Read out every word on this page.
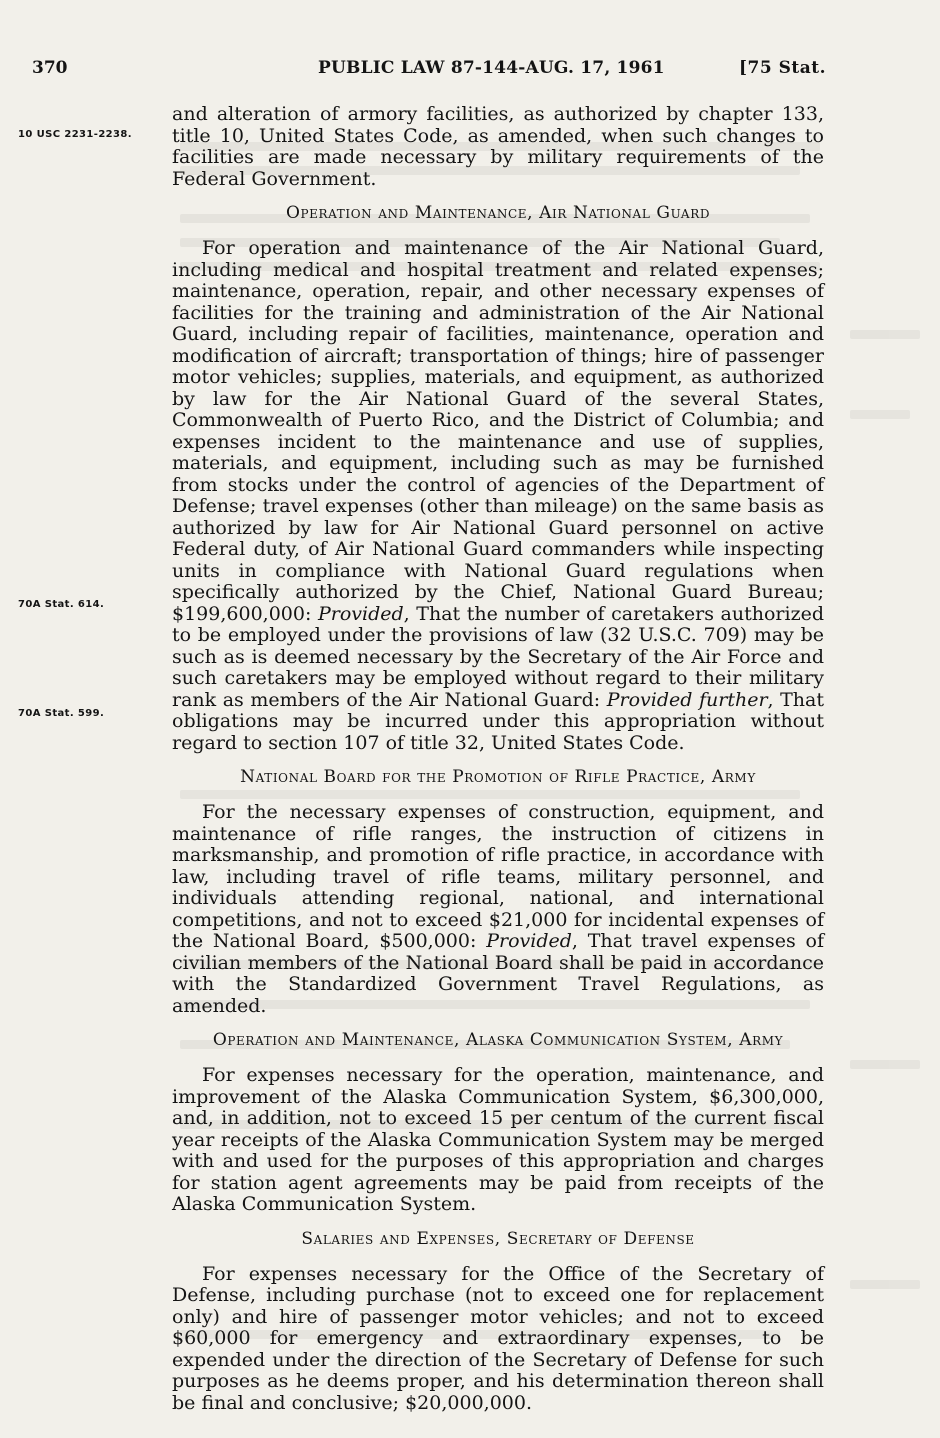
370	PUBLIC LAW 87-144-AUG. 17, 1961	[75 Stat.
10 USC 2231-2238.
70A Stat. 614.
70A Stat. 599.

and alteration of armory facilities, as authorized by chapter 133, title 10, United States Code, as amended, when such changes to facilities are made necessary by military requirements of the Federal Government.

Operation and Maintenance, Air National Guard

For operation and maintenance of the Air National Guard, including medical and hospital treatment and related expenses; maintenance, operation, repair, and other necessary expenses of facilities for the training and administration of the Air National Guard, including repair of facilities, maintenance, operation and modification of aircraft; transportation of things; hire of passenger motor vehicles; supplies, materials, and equipment, as authorized by law for the Air National Guard of the several States, Commonwealth of Puerto Rico, and the District of Columbia; and expenses incident to the maintenance and use of supplies, materials, and equipment, including such as may be furnished from stocks under the control of agencies of the Department of Defense; travel expenses (other than mileage) on the same basis as authorized by law for Air National Guard personnel on active Federal duty, of Air National Guard commanders while inspecting units in compliance with National Guard regulations when specifically authorized by the Chief, National Guard Bureau; $199,600,000: Provided, That the number of caretakers authorized to be employed under the provisions of law (32 U.S.C. 709) may be such as is deemed necessary by the Secretary of the Air Force and such caretakers may be employed without regard to their military rank as members of the Air National Guard: Provided further, That obligations may be incurred under this appropriation without regard to section 107 of title 32, United States Code.

National Board for the Promotion of Rifle Practice, Army

For the necessary expenses of construction, equipment, and maintenance of rifle ranges, the instruction of citizens in marksmanship, and promotion of rifle practice, in accordance with law, including travel of rifle teams, military personnel, and individuals attending regional, national, and international competitions, and not to exceed $21,000 for incidental expenses of the National Board, $500,000: Provided, That travel expenses of civilian members of the National Board shall be paid in accordance with the Standardized Government Travel Regulations, as amended.

Operation and Maintenance, Alaska Communication System, Army

For expenses necessary for the operation, maintenance, and improvement of the Alaska Communication System, $6,300,000, and, in addition, not to exceed 15 per centum of the current fiscal year receipts of the Alaska Communication System may be merged with and used for the purposes of this appropriation and charges for station agent agreements may be paid from receipts of the Alaska Communication System.

Salaries and Expenses, Secretary of Defense

For expenses necessary for the Office of the Secretary of Defense, including purchase (not to exceed one for replacement only) and hire of passenger motor vehicles; and not to exceed $60,000 for emergency and extraordinary expenses, to be expended under the direction of the Secretary of Defense for such purposes as he deems proper, and his determination thereon shall be final and conclusive; $20,000,000.
